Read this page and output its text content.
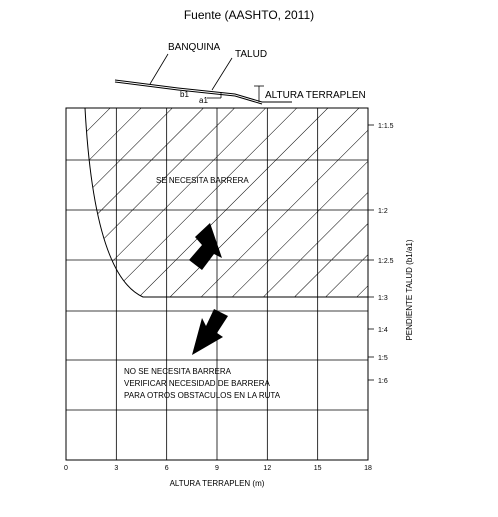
Fuente (AASHTO, 2011)
BANQUINA
TALUD
ALTURA TERRAPLEN
b1
a1
0	3	6	9	12	15	18
1:1.5
1:2
1:2.5
1:3
1:4
1:5
1:6
SE NECESITA BARRERA
NO SE NECESITA BARRERA
VERIFICAR NECESIDAD DE BARRERA
PARA OTROS OBSTACULOS EN LA RUTA
ALTURA TERRAPLEN (m)
PENDIENTE TALUD (b1/a1)
